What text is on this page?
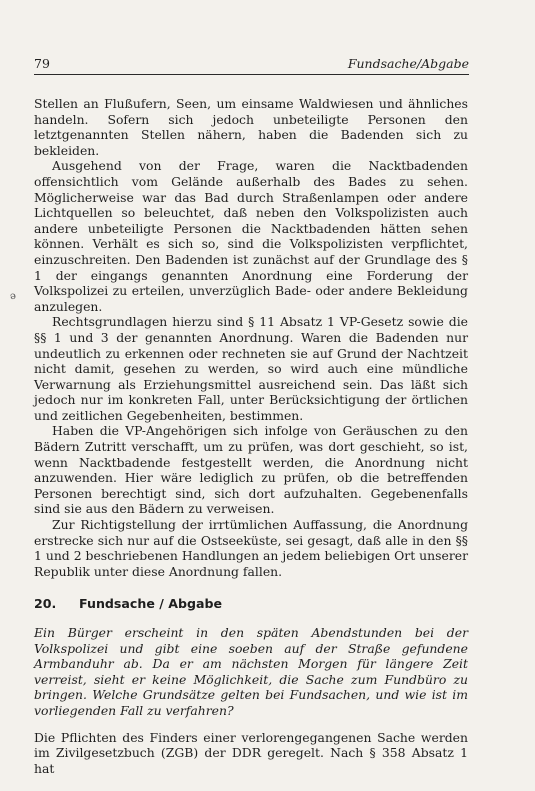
79	Fundsache/Abgabe
ǝ

Stellen an Flußufern, Seen, um einsame Waldwiesen und ähnliches handeln. Sofern sich jedoch unbeteiligte Personen den letztgenannten Stellen nähern, haben die Badenden sich zu bekleiden.

Ausgehend von der Frage, waren die Nacktbadenden offensichtlich vom Gelände außerhalb des Bades zu sehen. Möglicherweise war das Bad durch Straßenlampen oder andere Lichtquellen so beleuchtet, daß neben den Volkspolizisten auch andere unbeteiligte Personen die Nacktbadenden hätten sehen können. Verhält es sich so, sind die Volkspolizisten verpflichtet, einzuschreiten. Den Badenden ist zunächst auf der Grundlage des § 1 der eingangs genannten Anordnung eine Forderung der Volkspolizei zu erteilen, unverzüglich Bade- oder andere Bekleidung anzulegen.

Rechtsgrundlagen hierzu sind § 11 Absatz 1 VP-Gesetz sowie die §§ 1 und 3 der genannten Anordnung. Waren die Badenden nur undeutlich zu erkennen oder rechneten sie auf Grund der Nachtzeit nicht damit, gesehen zu werden, so wird auch eine mündliche Verwarnung als Erziehungsmittel ausreichend sein. Das läßt sich jedoch nur im konkreten Fall, unter Berücksichtigung der örtlichen und zeitlichen Gegebenheiten, bestimmen.

Haben die VP-Angehörigen sich infolge von Geräuschen zu den Bädern Zutritt verschafft, um zu prüfen, was dort geschieht, so ist, wenn Nacktbadende festgestellt werden, die Anordnung nicht anzuwenden. Hier wäre lediglich zu prüfen, ob die betreffenden Personen berechtigt sind, sich dort aufzuhalten. Gegebenenfalls sind sie aus den Bädern zu verweisen.

Zur Richtigstellung der irrtümlichen Auffassung, die Anordnung erstrecke sich nur auf die Ostseeküste, sei gesagt, daß alle in den §§ 1 und 2 beschriebenen Handlungen an jedem beliebigen Ort unserer Republik unter diese Anordnung fallen.

20.	Fundsache / Abgabe

Ein Bürger erscheint in den späten Abendstunden bei der Volkspolizei und gibt eine soeben auf der Straße gefundene Armbanduhr ab. Da er am nächsten Morgen für längere Zeit verreist, sieht er keine Möglichkeit, die Sache zum Fundbüro zu bringen. Welche Grundsätze gelten bei Fundsachen, und wie ist im vorliegenden Fall zu verfahren?

Die Pflichten des Finders einer verlorengegangenen Sache werden im Zivilgesetzbuch (ZGB) der DDR geregelt. Nach § 358 Absatz 1 hat
